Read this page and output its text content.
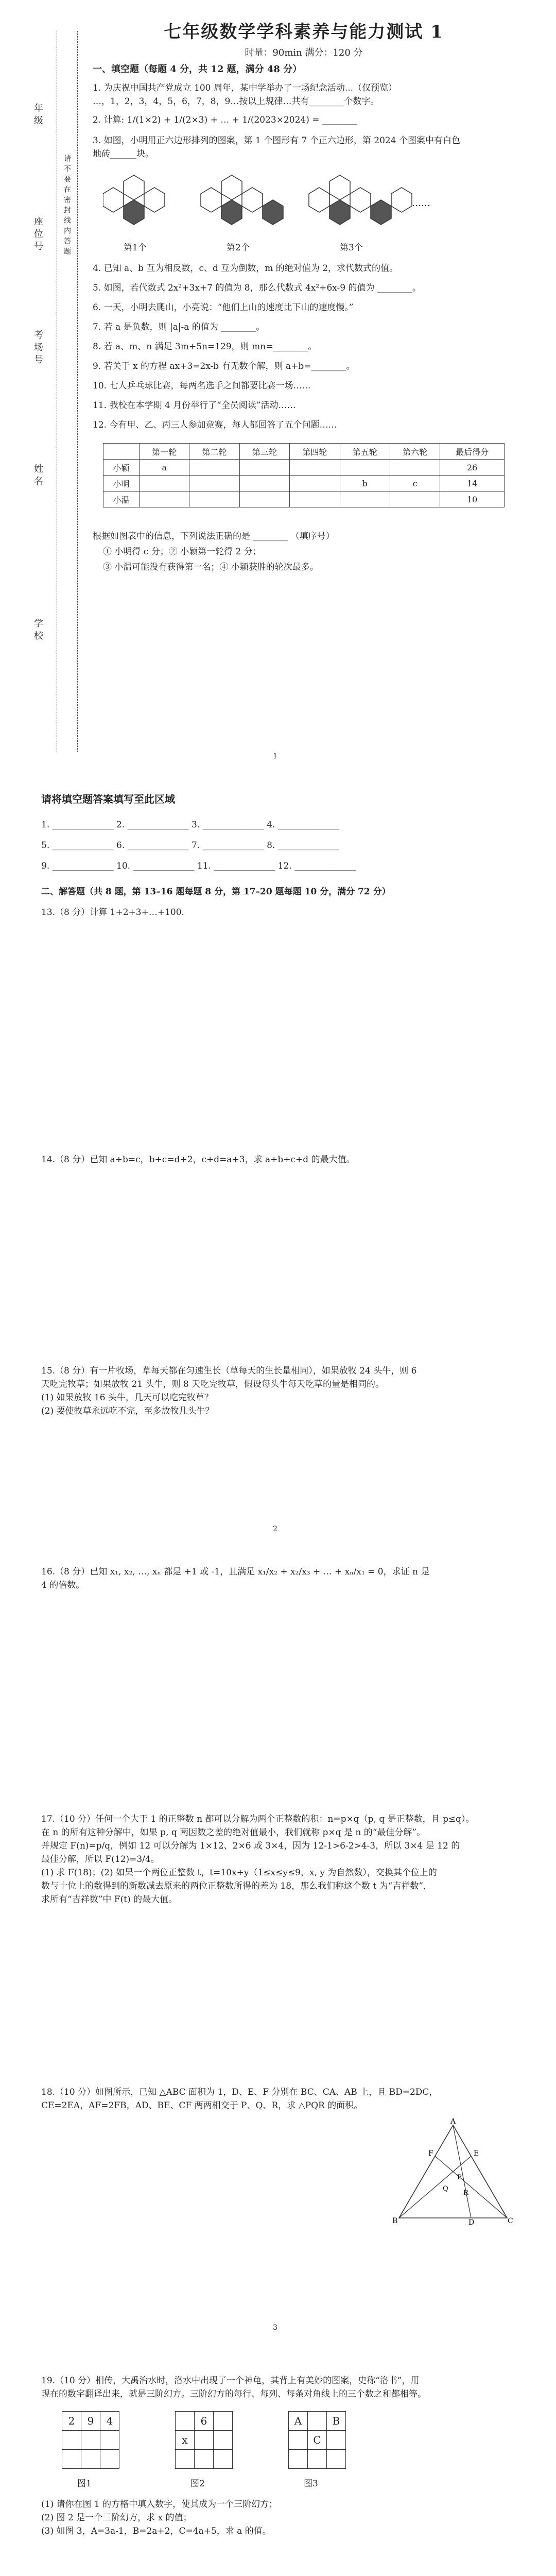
年级
座位号
考场号
姓名
学校
请不要在密封线内答题
七年级数学学科素养与能力测试 1
时量：90min 满分：120 分
一、填空题（每题 4 分，共 12 题，满分 48 分）
1. 为庆祝中国共产党成立 100 周年，某中学举办了一场纪念活动...（仅预览）
…，1，2，3，4，5，6，7，8，9…按以上规律…共有________个数字。
2. 计算: 1/(1×2) + 1/(2×3) + … + 1/(2023×2024) = ________
3. 如图，小明用正六边形排列的图案，第 1 个图形有 7 个正六边形，第 2024 个图案中有白色
地砖______块。
……
第1个	第2个	第3个
4. 已知 a、b 互为相反数，c、d 互为倒数，m 的绝对值为 2，求代数式的值。
5. 如图，若代数式 2x²+3x+7 的值为 8，那么代数式 4x²+6x-9 的值为 ________。
6. 一天，小明去爬山，小亮说：“他们上山的速度比下山的速度慢。”
7. 若 a 是负数，则 |a|-a 的值为 ________。
8. 若 a、m、n 满足 3m+5n=129，则 mn=________。
9. 若关于 x 的方程 ax+3=2x-b 有无数个解，则 a+b=________。
10. 七人乒乓球比赛，每两名选手之间都要比赛一场……
11. 我校在本学期 4 月份举行了“全员阅读”活动……
12. 今有甲、乙、丙三人参加竞赛，每人都回答了五个问题……
	第一轮	第二轮	第三轮	第四轮	第五轮	第六轮	最后得分
小颖	a						26
小明					b	c	14
小温							10
根据如图表中的信息，下列说法正确的是 ________ （填序号）
① 小明得 c 分；② 小颖第一轮得 2 分；
③ 小温可能没有获得第一名；④ 小颖获胜的轮次最多。
1
请将填空题答案填写至此区域
1. ______________ 2. ______________ 3. ______________ 4. ______________
5. ______________ 6. ______________ 7. ______________ 8. ______________
9. ______________ 10. ______________ 11. ______________ 12. ______________
二、解答题（共 8 题，第 13–16 题每题 8 分，第 17–20 题每题 10 分，满分 72 分）
13.（8 分）计算 1+2+3+…+100.
14.（8 分）已知 a+b=c，b+c=d+2，c+d=a+3，求 a+b+c+d 的最大值。
15.（8 分）有一片牧场，草每天都在匀速生长（草每天的生长量相同），如果放牧 24 头牛，则 6
天吃完牧草；如果放牧 21 头牛，则 8 天吃完牧草，假设每头牛每天吃草的量是相同的。
(1) 如果放牧 16 头牛，几天可以吃完牧草？
(2) 要使牧草永远吃不完，至多放牧几头牛？
2
16.（8 分）已知 x₁, x₂, …, xₙ 都是 +1 或 -1，且满足 x₁/x₂ + x₂/x₃ + … + xₙ/x₁ = 0，求证 n 是
4 的倍数。
17.（10 分）任何一个大于 1 的正整数 n 都可以分解为两个正整数的积：n=p×q（p, q 是正整数，且 p≤q）。
在 n 的所有这种分解中，如果 p, q 两因数之差的绝对值最小，我们就称 p×q 是 n 的“最佳分解”。
并规定 F(n)=p/q，例如 12 可以分解为 1×12、2×6 或 3×4，因为 12-1>6-2>4-3，所以 3×4 是 12 的
最佳分解，所以 F(12)=3/4。
(1) 求 F(18)；(2) 如果一个两位正整数 t，t=10x+y（1≤x≤y≤9，x, y 为自然数），交换其个位上的
数与十位上的数得到的新数减去原来的两位正整数所得的差为 18，那么我们称这个数 t 为“吉祥数”，
求所有“吉祥数”中 F(t) 的最大值。
18.（10 分）如图所示，已知 △ABC 面积为 1，D、E、F 分别在 BC、CA、AB 上，且 BD=2DC，
CE=2EA，AF=2FB，AD、BE、CF 两两相交于 P、Q、R，求 △PQR 的面积。
A
B	C
D
E
F
P
Q
R
3
19.（10 分）相传，大禹治水时，洛水中出现了一个神龟，其背上有美妙的图案，史称“洛书”，用
现在的数字翻译出来，就是三阶幻方。三阶幻方的每行、每列、每条对角线上的三个数之和都相等。
2	9	4

		6	
x		

A		B
	C	

图1	图2	图3
(1) 请你在图 1 的方格中填入数字，使其成为一个三阶幻方；
(2) 图 2 是一个三阶幻方，求 x 的值；
(3) 如图 3，A=3a-1，B=2a+2，C=4a+5，求 a 的值。
